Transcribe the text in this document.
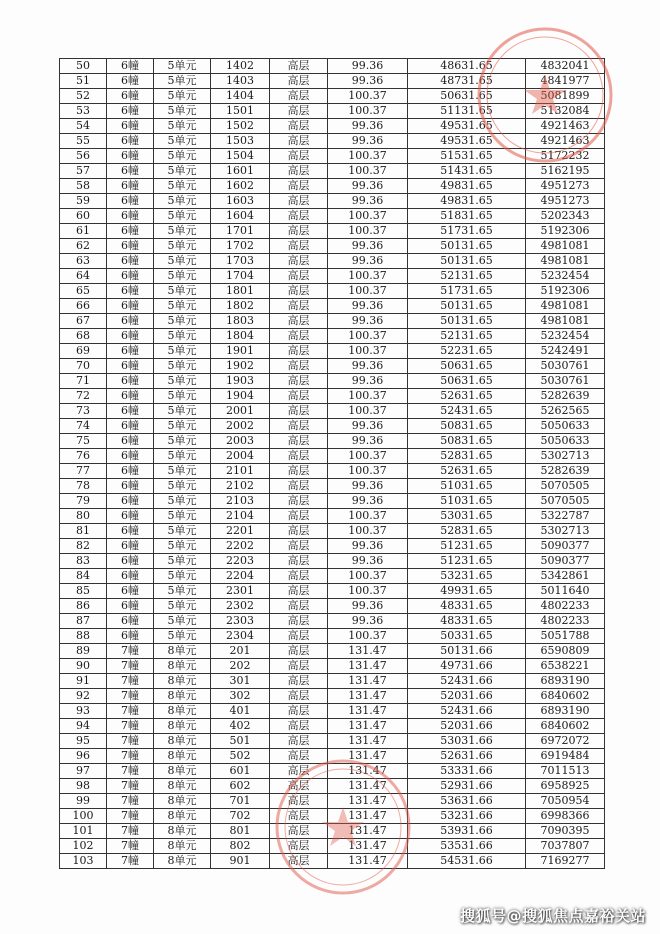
50	6幢	5单元	1402	高层	99.36	48631.65	4832041
51	6幢	5单元	1403	高层	99.36	48731.65	4841977
52	6幢	5单元	1404	高层	100.37	50631.65	5081899
53	6幢	5单元	1501	高层	100.37	51131.65	5132084
54	6幢	5单元	1502	高层	99.36	49531.65	4921463
55	6幢	5单元	1503	高层	99.36	49531.65	4921463
56	6幢	5单元	1504	高层	100.37	51531.65	5172232
57	6幢	5单元	1601	高层	100.37	51431.65	5162195
58	6幢	5单元	1602	高层	99.36	49831.65	4951273
59	6幢	5单元	1603	高层	99.36	49831.65	4951273
60	6幢	5单元	1604	高层	100.37	51831.65	5202343
61	6幢	5单元	1701	高层	100.37	51731.65	5192306
62	6幢	5单元	1702	高层	99.36	50131.65	4981081
63	6幢	5单元	1703	高层	99.36	50131.65	4981081
64	6幢	5单元	1704	高层	100.37	52131.65	5232454
65	6幢	5单元	1801	高层	100.37	51731.65	5192306
66	6幢	5单元	1802	高层	99.36	50131.65	4981081
67	6幢	5单元	1803	高层	99.36	50131.65	4981081
68	6幢	5单元	1804	高层	100.37	52131.65	5232454
69	6幢	5单元	1901	高层	100.37	52231.65	5242491
70	6幢	5单元	1902	高层	99.36	50631.65	5030761
71	6幢	5单元	1903	高层	99.36	50631.65	5030761
72	6幢	5单元	1904	高层	100.37	52631.65	5282639
73	6幢	5单元	2001	高层	100.37	52431.65	5262565
74	6幢	5单元	2002	高层	99.36	50831.65	5050633
75	6幢	5单元	2003	高层	99.36	50831.65	5050633
76	6幢	5单元	2004	高层	100.37	52831.65	5302713
77	6幢	5单元	2101	高层	100.37	52631.65	5282639
78	6幢	5单元	2102	高层	99.36	51031.65	5070505
79	6幢	5单元	2103	高层	99.36	51031.65	5070505
80	6幢	5单元	2104	高层	100.37	53031.65	5322787
81	6幢	5单元	2201	高层	100.37	52831.65	5302713
82	6幢	5单元	2202	高层	99.36	51231.65	5090377
83	6幢	5单元	2203	高层	99.36	51231.65	5090377
84	6幢	5单元	2204	高层	100.37	53231.65	5342861
85	6幢	5单元	2301	高层	100.37	49931.65	5011640
86	6幢	5单元	2302	高层	99.36	48331.65	4802233
87	6幢	5单元	2303	高层	99.36	48331.65	4802233
88	6幢	5单元	2304	高层	100.37	50331.65	5051788
89	7幢	8单元	201	高层	131.47	50131.66	6590809
90	7幢	8单元	202	高层	131.47	49731.66	6538221
91	7幢	8单元	301	高层	131.47	52431.66	6893190
92	7幢	8单元	302	高层	131.47	52031.66	6840602
93	7幢	8单元	401	高层	131.47	52431.66	6893190
94	7幢	8单元	402	高层	131.47	52031.66	6840602
95	7幢	8单元	501	高层	131.47	53031.66	6972072
96	7幢	8单元	502	高层	131.47	52631.66	6919484
97	7幢	8单元	601	高层	131.47	53331.66	7011513
98	7幢	8单元	602	高层	131.47	52931.66	6958925
99	7幢	8单元	701	高层	131.47	53631.66	7050954
100	7幢	8单元	702	高层	131.47	53231.66	6998366
101	7幢	8单元	801	高层	131.47	53931.66	7090395
102	7幢	8单元	802	高层	131.47	53531.66	7037807
103	7幢	8单元	901	高层	131.47	54531.66	7169277
搜狐号@搜狐焦点嘉裕关站
